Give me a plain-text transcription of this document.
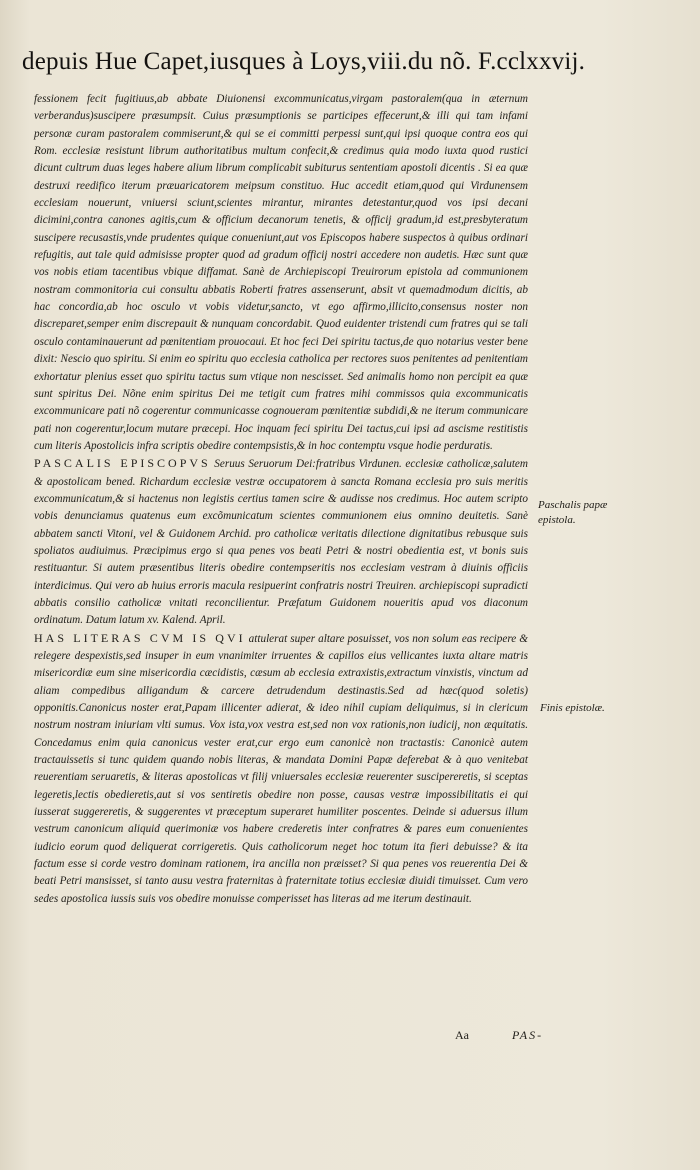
depuis Hue Capet,iusques à Loys,viii.du nõ. F.cclxxvij.

fessionem fecit fugitiuus,ab abbate Diuionensi excommunicatus,virgam pastoralem(qua in æternum verberandus)suscipere præsumpsit. Cuius præsumptionis se participes effecerunt,& illi qui tam infami personæ curam pastoralem commiserunt,& qui se ei committi perpessi sunt,qui ipsi quoque contra eos qui Rom. ecclesiæ resistunt librum authoritatibus multum confecit,& credimus quia modo iuxta quod rustici dicunt cultrum duas leges habere alium librum complicabit subiturus sententiam apostoli dicentis . Si ea quæ destruxi reedifico iterum præuaricatorem meipsum constituo. Huc accedit etiam,quod qui Virdunensem ecclesiam nouerunt, vniuersi sciunt,scientes mirantur, mirantes detestantur,quod vos ipsi decani dicimini,contra canones agitis,cum & officium decanorum tenetis, & officij gradum,id est,presbyteratum suscipere recusastis,vnde prudentes quique conueniunt,aut vos Episcopos habere suspectos à quibus ordinari refugitis, aut tale quid admisisse propter quod ad gradum officij nostri accedere non audetis. Hæc sunt quæ vos nobis etiam tacentibus vbique diffamat. Sanè de Archiepiscopi Treuirorum epistola ad communionem nostram commonitoria cui consultu abbatis Roberti fratres assenserunt, absit vt quemadmodum dicitis, ab hac concordia,ab hoc osculo vt vobis videtur,sancto, vt ego affirmo,illicito,consensus noster non discreparet,semper enim discrepauit & nunquam concordabit. Quod euidenter tristendi cum fratres qui se tali osculo contaminauerunt ad pœnitentiam prouocaui. Et hoc feci Dei spiritu tactus,de quo notarius vester bene dixit: Nescio quo spiritu. Si enim eo spiritu quo ecclesia catholica per rectores suos penitentes ad penitentiam exhortatur plenius esset quo spiritu tactus sum vtique non nescisset. Sed animalis homo non percipit ea quæ sunt spiritus Dei. Nõne enim spiritus Dei me tetigit cum fratres mihi commissos quia excommunicatis excommunicare pati nõ cogerentur communicasse cognoueram pœnitentiæ subdidi,& ne iterum communicare pati non cogerentur,locum mutare præcepi. Hoc inquam feci spiritu Dei tactus,cui ipsi ad ascisme restitistis cum literis Apostolicis infra scriptis obedire contempsistis,& in hoc contemptu vsque hodie perduratis.

PASCALIS EPISCOPVS Seruus Seruorum Dei:fratribus Virdunen. ecclesiæ catholicæ,salutem & apostolicam bened. Richardum ecclesiæ vestræ occupatorem à sancta Romana ecclesia pro suis meritis excommunicatum,& si hactenus non legistis certius tamen scire & audisse nos credimus. Hoc autem scripto vobis denunciamus quatenus eum excõmunicatum scientes communionem eius omnino deuitetis. Sanè abbatem sancti Vitoni, vel & Guidonem Archid. pro catholicæ veritatis dilectione dignitatibus rebusque suis spoliatos audiuimus. Præcipimus ergo si qua penes vos beati Petri & nostri obedientia est, vt bonis suis restituantur. Si autem præsentibus literis obedire contempseritis nos ecclesiam vestram à diuinis officiis interdicimus. Qui vero ab huius erroris macula resipuerint confratris nostri Treuiren. archiepiscopi supradicti abbatis consilio catholicæ vnitati reconcilientur. Præfatum Guidonem noueritis apud vos diaconum ordinatum. Datum latum xv. Kalend. April.

HAS LITERAS CVM IS QVI attulerat super altare posuisset, vos non solum eas recipere & relegere despexistis,sed insuper in eum vnanimiter irruentes & capillos eius vellicantes iuxta altare matris misericordiæ eum sine misericordia cæcidistis, cæsum ab ecclesia extraxistis,extractum vinxistis, vinctum ad aliam compedibus alligandum & carcere detrudendum destinastis.Sed ad hæc(quod soletis) opponitis.Canonicus noster erat,Papam illicenter adierat, & ideo nihil cupiam deliquimus, si in clericum nostrum nostram iniuriam vlti sumus. Vox ista,vox vestra est,sed non vox rationis,non iudicij, non æquitatis. Concedamus enim quia canonicus vester erat,cur ergo eum canonicè non tractastis: Canonicè autem tractauissetis si tunc quidem quando nobis literas, & mandata Domini Papæ deferebat & à quo venitebat reuerentiam seruaretis, & literas apostolicas vt filij vniuersales ecclesiæ reuerenter suscipereretis, si sceptas legeretis,lectis obedieretis,aut si vos sentiretis obedire non posse, causas vestræ impossibilitatis ei qui iusserat suggereretis, & suggerentes vt præceptum superaret humiliter poscentes. Deinde si aduersus illum vestrum canonicum aliquid querimoniæ vos habere crederetis inter confratres & pares eum conuenientes iudicio eorum quod deliquerat corrigeretis. Quis catholicorum neget hoc totum ita fieri debuisse? & ita factum esse si corde vestro dominam rationem, ira ancilla non præisset? Si qua penes vos reuerentia Dei & beati Petri mansisset, si tanto ausu vestra fraternitas à fraternitate totius ecclesiæ diuidi timuisset. Cum vero sedes apostolica iussis suis vos obedire monuisse comperisset has literas ad me iterum destinauit.

Paschalis papæ epistola.
Finis epistolæ.
Aa	PAS-
